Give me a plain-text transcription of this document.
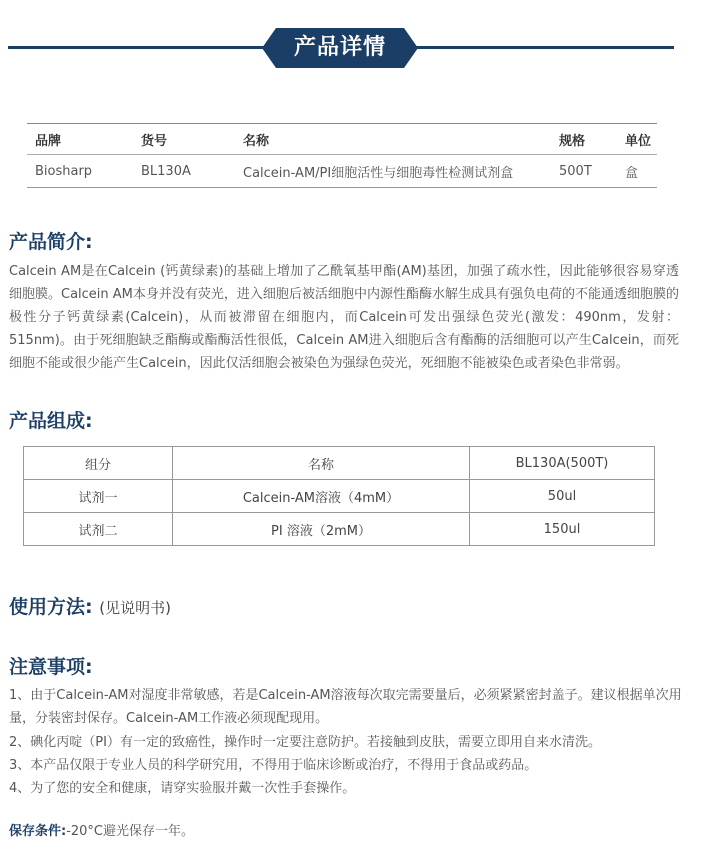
产品详情
品牌	货号	名称	规格	单位
Biosharp	BL130A	Calcein-AM/PI细胞活性与细胞毒性检测试剂盒	500T	盒
产品简介:

Calcein AM是在Calcein (钙黄绿素)的基础上增加了乙酰氧基甲酯(AM)基团，加强了疏水性，因此能够很容易穿透细胞膜。Calcein AM本身并没有荧光，进入细胞后被活细胞中内源性酯酶水解生成具有强负电荷的不能通透细胞膜的极性分子钙黄绿素(Calcein)，从而被滞留在细胞内，而Calcein可发出强绿色荧光(激发：490nm，发射：515nm)。由于死细胞缺乏酯酶或酯酶活性很低，Calcein AM进入细胞后含有酯酶的活细胞可以产生Calcein，而死细胞不能或很少能产生Calcein，因此仅活细胞会被染色为强绿色荧光，死细胞不能被染色或者染色非常弱。

产品组成:
组分	名称	BL130A(500T)
试剂一	Calcein-AM溶液（4mM）	50ul
试剂二	PI 溶液（2mM）	150ul
使用方法: (见说明书)
注意事项:

1、由于Calcein-AM对湿度非常敏感，若是Calcein-AM溶液每次取完需要量后，必须紧紧密封盖子。建议根据单次用量，分装密封保存。Calcein-AM工作液必须现配现用。

2、碘化丙啶（PI）有一定的致癌性，操作时一定要注意防护。若接触到皮肤，需要立即用自来水清洗。

3、本产品仅限于专业人员的科学研究用，不得用于临床诊断或治疗，不得用于食品或药品。

4、为了您的安全和健康，请穿实验服并戴一次性手套操作。

保存条件:-20°C避光保存一年。
